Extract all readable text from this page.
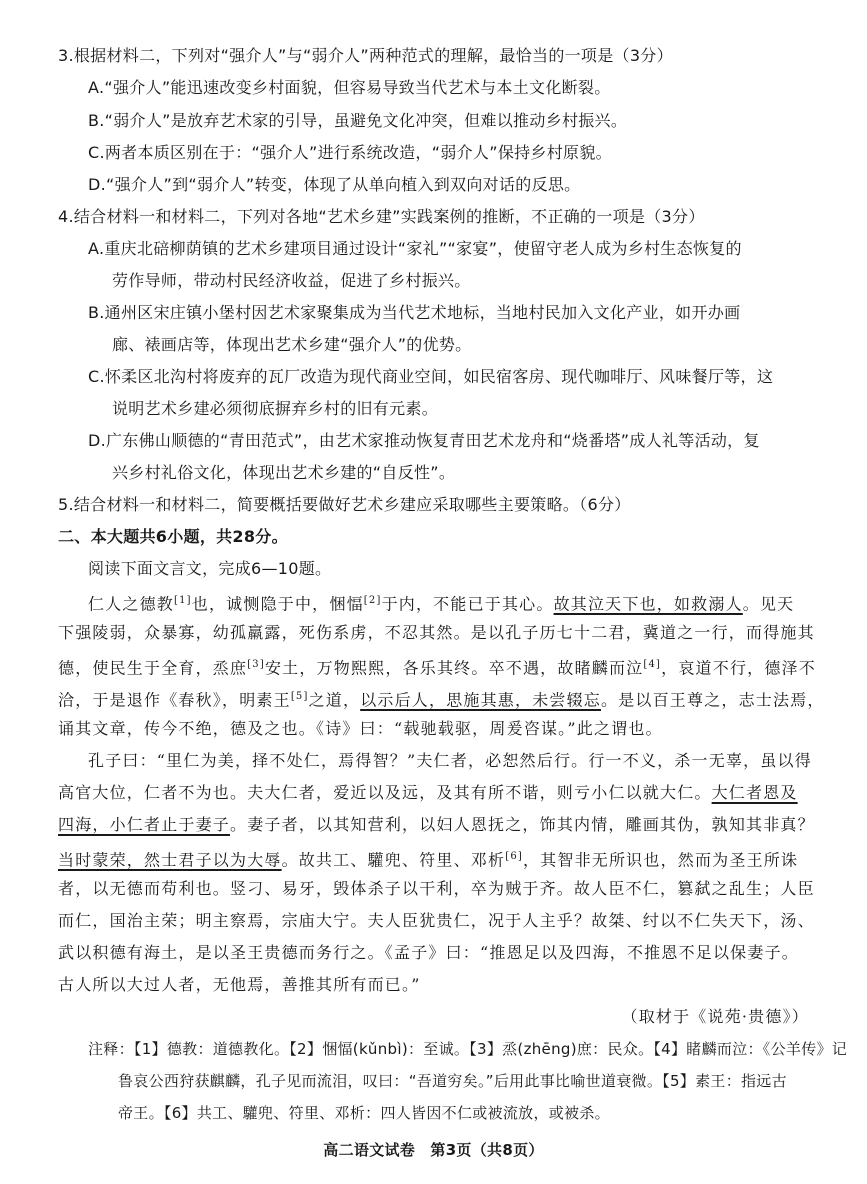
3.根据材料二，下列对“强介人”与“弱介人”两种范式的理解，最恰当的一项是（3分）
A.“强介人”能迅速改变乡村面貌，但容易导致当代艺术与本土文化断裂。
B.“弱介人”是放弃艺术家的引导，虽避免文化冲突，但难以推动乡村振兴。
C.两者本质区别在于：“强介人”进行系统改造，“弱介人”保持乡村原貌。
D.“强介人”到“弱介人”转变，体现了从单向植入到双向对话的反思。
4.结合材料一和材料二，下列对各地“艺术乡建”实践案例的推断，不正确的一项是（3分）
A.重庆北碚柳荫镇的艺术乡建项目通过设计“家礼”“家宴”，使留守老人成为乡村生态恢复的
劳作导师，带动村民经济收益，促进了乡村振兴。
B.通州区宋庄镇小堡村因艺术家聚集成为当代艺术地标，当地村民加入文化产业，如开办画
廊、裱画店等，体现出艺术乡建“强介人”的优势。
C.怀柔区北沟村将废弃的瓦厂改造为现代商业空间，如民宿客房、现代咖啡厅、风味餐厅等，这
说明艺术乡建必须彻底摒弃乡村的旧有元素。
D.广东佛山顺德的“青田范式”，由艺术家推动恢复青田艺术龙舟和“烧番塔”成人礼等活动，复
兴乡村礼俗文化，体现出艺术乡建的“自反性”。
5.结合材料一和材料二，简要概括要做好艺术乡建应采取哪些主要策略。（6分）
二、本大题共6小题，共28分。
阅读下面文言文，完成6—10题。
仁人之德教[1]也，诚恻隐于中，悃愊[2]于内，不能已于其心。故其泣天下也，如救溺人。见天
下强陵弱，众暴寡，幼孤羸露，死伤系虏，不忍其然。是以孔子历七十二君，冀道之一行，而得施其
德，使民生于全育，烝庶[3]安土，万物熙熙，各乐其终。卒不遇，故睹麟而泣[4]，哀道不行，德泽不
洽，于是退作《春秋》，明素王[5]之道，以示后人，思施其惠，未尝辍忘。是以百王尊之，志士法焉，
诵其文章，传今不绝，德及之也。《诗》曰：“载驰载驱，周爰咨谋。”此之谓也。
孔子曰：“里仁为美，择不处仁，焉得智？”夫仁者，必恕然后行。行一不义，杀一无辜，虽以得
高官大位，仁者不为也。夫大仁者，爱近以及远，及其有所不谐，则亏小仁以就大仁。大仁者恩及
四海，小仁者止于妻子。妻子者，以其知营利，以妇人恩抚之，饰其内情，雕画其伪，孰知其非真？
当时蒙荣，然士君子以为大辱。故共工、驩兜、符里、邓析[6]，其智非无所识也，然而为圣王所诛
者，以无德而苟利也。竖刁、易牙，毁体杀子以干利，卒为贼于齐。故人臣不仁，篡弑之乱生；人臣
而仁，国治主荣；明主察焉，宗庙大宁。夫人臣犹贵仁，况于人主乎？故桀、纣以不仁失天下，汤、
武以积德有海土，是以圣王贵德而务行之。《孟子》曰：“推恩足以及四海，不推恩不足以保妻子。
古人所以大过人者，无他焉，善推其所有而已。”
（取材于《说苑·贵德》）
注释：【1】德教：道德教化。【2】悃愊(kǔnbì)：至诚。【3】烝(zhēng)庶：民众。【4】睹麟而泣：《公羊传》记
鲁哀公西狩获麒麟，孔子见而流泪，叹曰：“吾道穷矣。”后用此事比喻世道衰微。【5】素王：指远古
帝王。【6】共工、驩兜、符里、邓析：四人皆因不仁或被流放，或被杀。
高二语文试卷　第3页（共8页）
